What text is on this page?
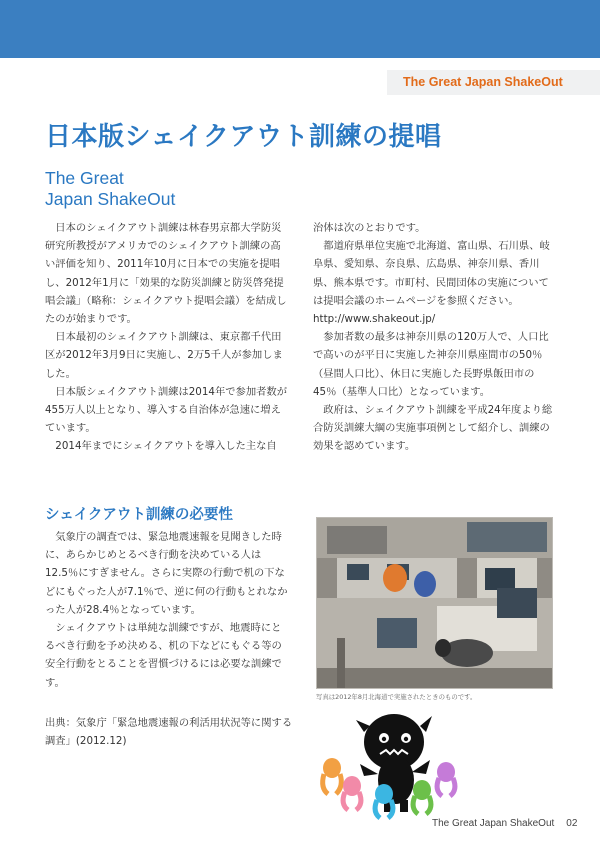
The Great Japan ShakeOut
日本版シェイクアウト訓練の提唱
The Great
Japan ShakeOut

日本のシェイクアウト訓練は林春男京都大学防災研究所教授がアメリカでのシェイクアウト訓練の高い評価を知り、2011年10月に日本での実施を提唱し、2012年1月に「効果的な防災訓練と防災啓発提唱会議」（略称：シェイクアウト提唱会議）を結成したのが始まりです。

日本最初のシェイクアウト訓練は、東京都千代田区が2012年3月9日に実施し、2万5千人が参加しました。

日本版シェイクアウト訓練は2014年で参加者数が455万人以上となり、導入する自治体が急速に増えています。

2014年までにシェイクアウトを導入した主な自

治体は次のとおりです。

都道府県単位実施で北海道、富山県、石川県、岐阜県、愛知県、奈良県、広島県、神奈川県、香川県、熊本県です。市町村、民間団体の実施については提唱会議のホームページを参照ください。http://www.shakeout.jp/

参加者数の最多は神奈川県の120万人で、人口比で高いのが平日に実施した神奈川県座間市の50％（昼間人口比）、休日に実施した長野県飯田市の45％（基準人口比）となっています。

政府は、シェイクアウト訓練を平成24年度より総合防災訓練大綱の実施事項例として紹介し、訓練の効果を認めています。

シェイクアウト訓練の必要性

気象庁の調査では、緊急地震速報を見聞きした時に、あらかじめとるべき行動を決めている人は12.5％にすぎません。さらに実際の行動で机の下などにもぐった人が7.1％で、逆に何の行動もとれなかった人が28.4％となっています。

シェイクアウトは単純な訓練ですが、地震時にとるべき行動を予め決める、机の下などにもぐる等の安全行動をとることを習慣づけるには必要な訓練です。

出典：気象庁「緊急地震速報の利活用状況等に関する調査」(2012.12)
写真は2012年8月北海道で実施されたときのものです。
The Great Japan ShakeOut 02
